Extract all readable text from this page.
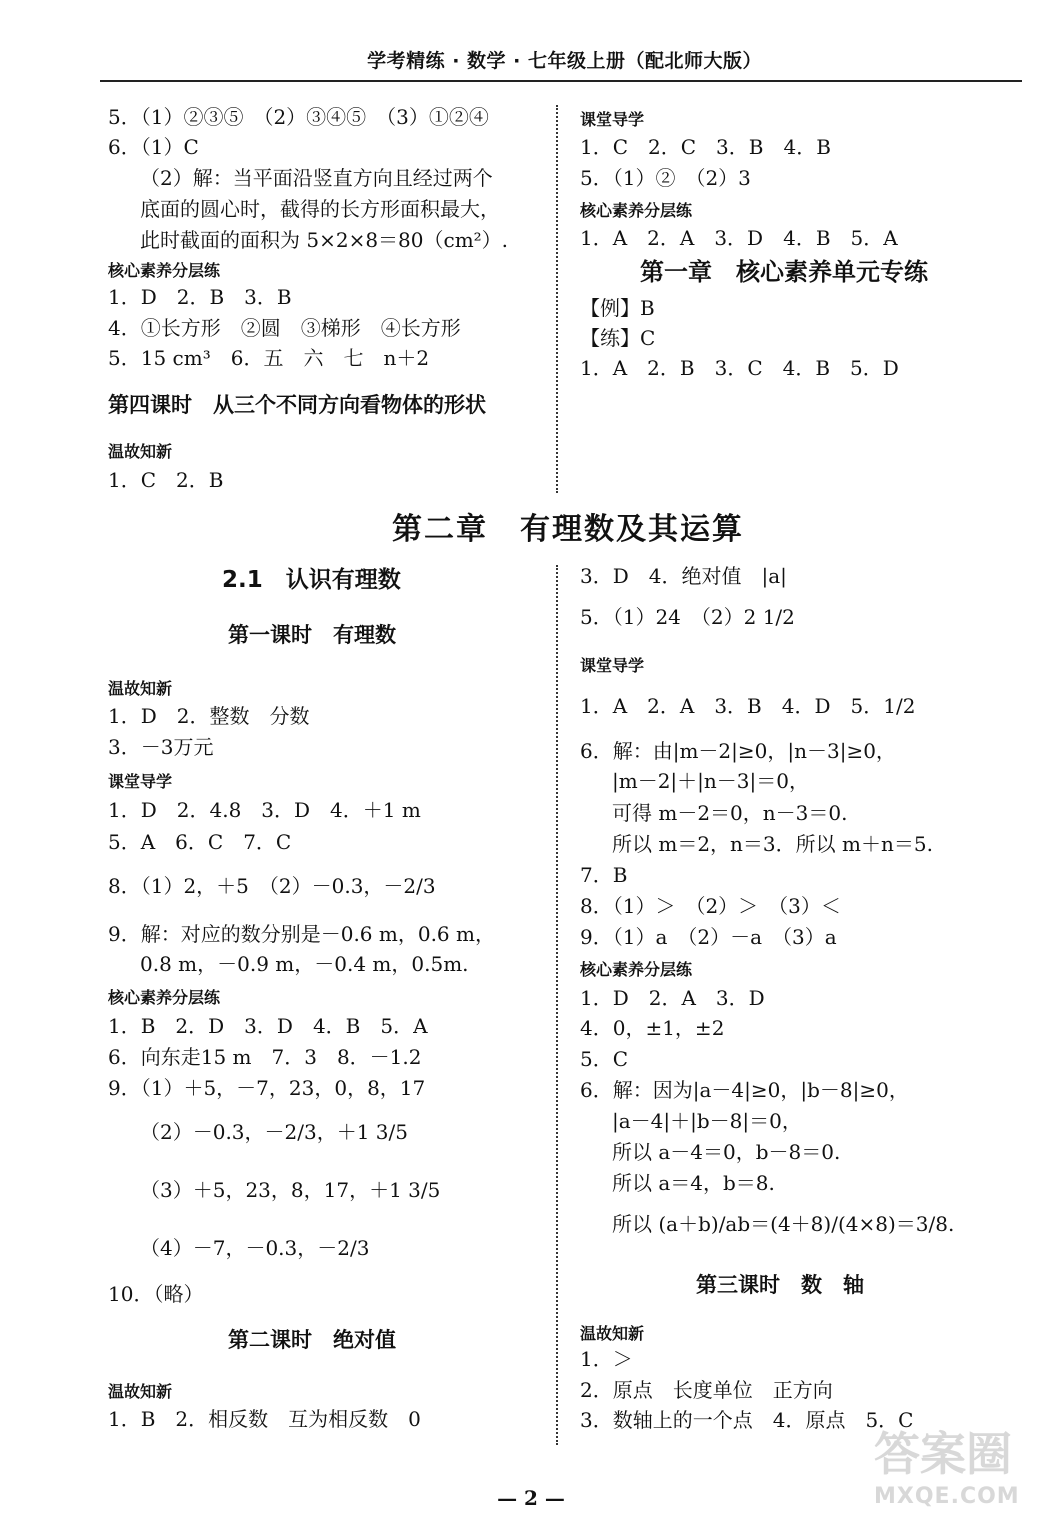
学考精练 · 数学 · 七年级上册（配北师大版）
5．（1）②③⑤　（2）③④⑤　（3）①②④
6．（1）C
（2）解：当平面沿竖直方向且经过两个
底面的圆心时，截得的长方形面积最大，
此时截面的面积为 5×2×8＝80（cm²）.
核心素养分层练
1．D　2．B　3．B
4．①长方形　②圆　③梯形　④长方形
5．15 cm³　6．五　六　七　n＋2
第四课时　从三个不同方向看物体的形状
温故知新
1．C　2．B
课堂导学
1．C　2．C　3．B　4．B
5．（1）②　（2）3
核心素养分层练
1．A　2．A　3．D　4．B　5．A
第一章　核心素养单元专练
【例】B
【练】C
1．A　2．B　3．C　4．B　5．D
第二章　有理数及其运算
2.1　认识有理数
第一课时　有理数
温故知新
1．D　2．整数　分数
3．－3万元
课堂导学
1．D　2．4.8　3．D　4．＋1 m
5．A　6．C　7．C
8．（1）2，＋5　（2）－0.3，－2/3
9．解：对应的数分别是－0.6 m，0.6 m，
0.8 m，－0.9 m，－0.4 m，0.5m.
核心素养分层练
1．B　2．D　3．D　4．B　5．A
6．向东走15 m　7．3　8．－1.2
9．（1）＋5，－7，23，0，8，17
（2）－0.3，－2/3，＋1 3/5
（3）＋5，23，8，17，＋1 3/5
（4）－7，－0.3，－2/3
10．（略）
第二课时　绝对值
温故知新
1．B　2．相反数　互为相反数　0
3．D　4．绝对值　|a|
5．（1）24　（2）2 1/2
课堂导学
1．A　2．A　3．B　4．D　5．1/2
6．解：由|m－2|≥0，|n－3|≥0，
|m－2|＋|n－3|＝0，
可得 m－2＝0，n－3＝0.
所以 m＝2，n＝3．所以 m＋n＝5.
7．B
8．（1）＞　（2）＞　（3）＜
9．（1）a　（2）－a　（3）a
核心素养分层练
1．D　2．A　3．D
4．0，±1，±2
5．C
6．解：因为|a－4|≥0，|b－8|≥0，
|a－4|＋|b－8|＝0，
所以 a－4＝0，b－8＝0.
所以 a＝4，b＝8.
所以 (a＋b)/ab＝(4＋8)/(4×8)＝3/8.
第三课时　数　轴
温故知新
1．＞
2．原点　长度单位　正方向
3．数轴上的一个点　4．原点　5．C
— 2 —
答案圈
MXQE.COM
